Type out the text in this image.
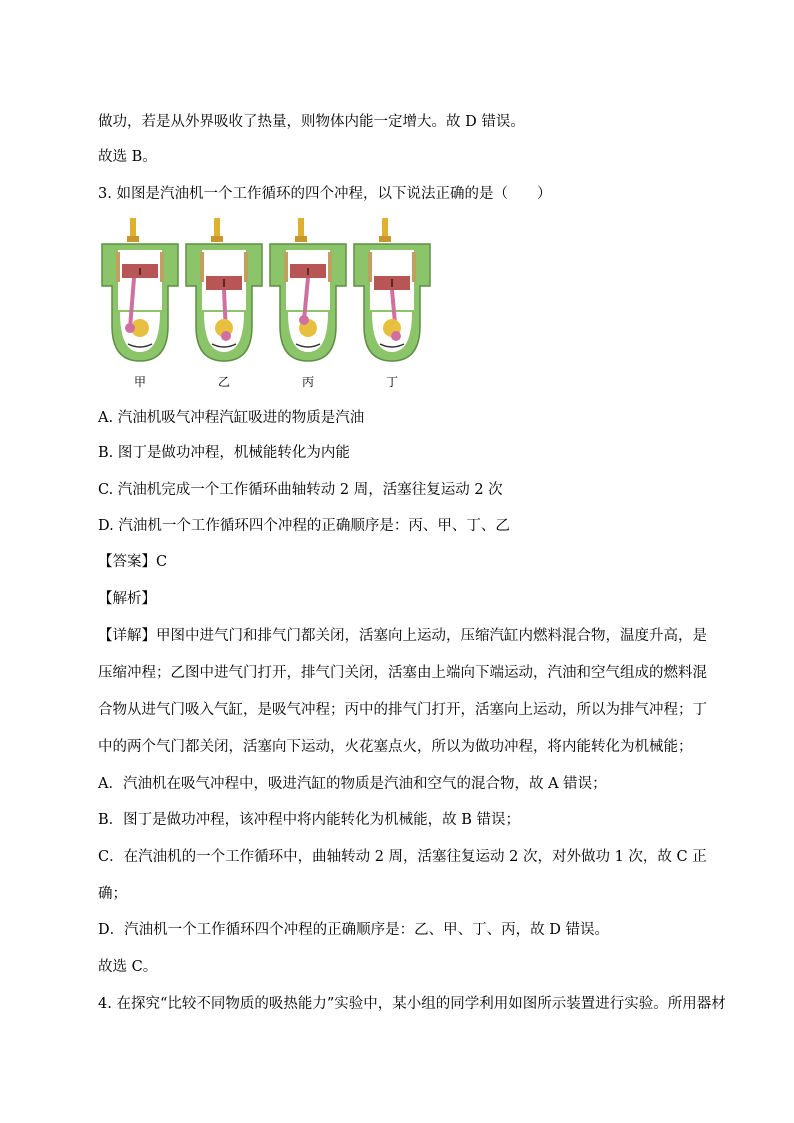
做功，若是从外界吸收了热量，则物体内能一定增大。故 D 错误。
故选 B。
3. 如图是汽油机一个工作循环的四个冲程，以下说法正确的是（　　）
甲	乙	丙	丁
A. 汽油机吸气冲程汽缸吸进的物质是汽油
B. 图丁是做功冲程，机械能转化为内能
C. 汽油机完成一个工作循环曲轴转动 2 周，活塞往复运动 2 次
D. 汽油机一个工作循环四个冲程的正确顺序是：丙、甲、丁、乙
【答案】C
【解析】
【详解】甲图中进气门和排气门都关闭，活塞向上运动，压缩汽缸内燃料混合物，温度升高，是
压缩冲程；乙图中进气门打开，排气门关闭，活塞由上端向下端运动，汽油和空气组成的燃料混
合物从进气门吸入气缸，是吸气冲程；丙中的排气门打开，活塞向上运动，所以为排气冲程；丁
中的两个气门都关闭，活塞向下运动，火花塞点火，所以为做功冲程，将内能转化为机械能；
A．汽油机在吸气冲程中，吸进汽缸的物质是汽油和空气的混合物，故 A 错误；
B．图丁是做功冲程，该冲程中将内能转化为机械能，故 B 错误；
C．在汽油机的一个工作循环中，曲轴转动 2 周，活塞往复运动 2 次，对外做功 1 次，故 C 正
确；
D．汽油机一个工作循环四个冲程的正确顺序是：乙、甲、丁、丙，故 D 错误。
故选 C。
4. 在探究“比较不同物质的吸热能力”实验中，某小组的同学利用如图所示装置进行实验。所用器材
